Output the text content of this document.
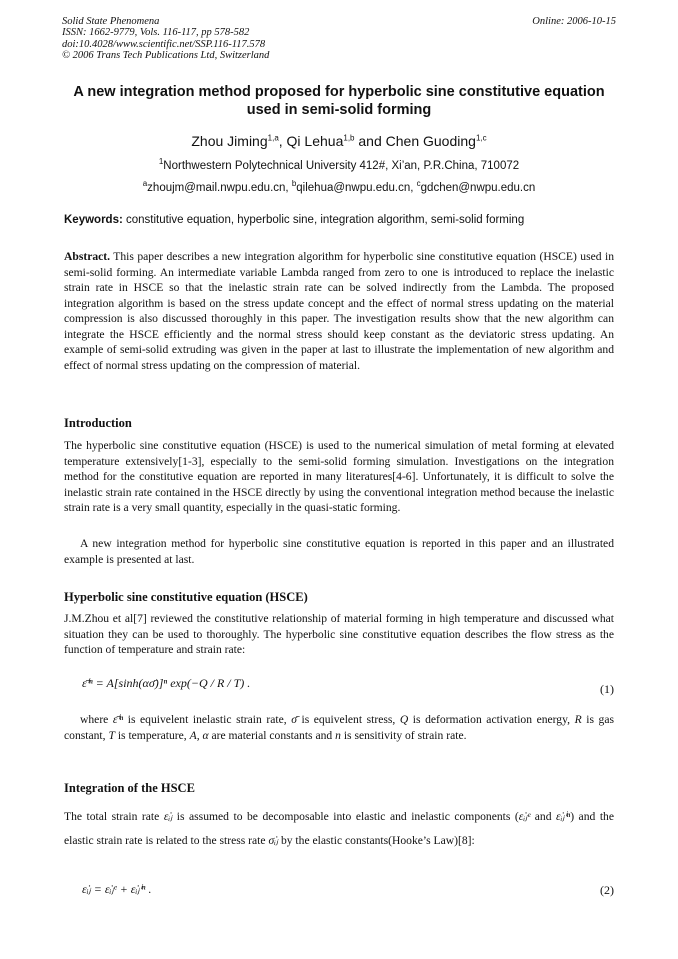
Solid State Phenomena
ISSN: 1662-9779, Vols. 116-117, pp 578-582
doi:10.4028/www.scientific.net/SSP.116-117.578
© 2006 Trans Tech Publications Ltd, Switzerland
Online: 2006-10-15
A new integration method proposed for hyperbolic sine constitutive equation used in semi-solid forming
Zhou Jiming$^{1,a}$, Qi Lehua$^{1,b}$ and Chen Guoding$^{1,c}$
$^1$Northwestern Polytechnical University 412#, Xi’an, P.R.China, 710072
$^a$zhoujm@mail.nwpu.edu.cn, $^b$qilehua@nwpu.edu.cn, $^c$gdchen@nwpu.edu.cn
Keywords: constitutive equation, hyperbolic sine, integration algorithm, semi-solid forming
Abstract. This paper describes a new integration algorithm for hyperbolic sine constitutive equation (HSCE) used in semi-solid forming. An intermediate variable Lambda ranged from zero to one is introduced to replace the inelastic strain rate in HSCE so that the inelastic strain rate can be solved indirectly from the Lambda. The proposed integration algorithm is based on the stress update concept and the effect of normal stress updating on the material compression is also discussed thoroughly in this paper. The investigation results show that the new algorithm can integrate the HSCE efficiently and the normal stress should keep constant as the deviatoric stress updating. An example of semi-solid extruding was given in the paper at last to illustrate the implementation of new algorithm and effect of normal stress updating on the compression of material.
Introduction
The hyperbolic sine constitutive equation (HSCE) is used to the numerical simulation of metal forming at elevated temperature extensively[1-3], especially to the semi-solid forming simulation. Investigations on the integration method for the constitutive equation are reported in many literatures[4-6]. Unfortunately, it is difficult to solve the inelastic strain rate contained in the HSCE directly by using the conventional integration method because the inelastic strain rate is a very small quantity, especially in the quasi-static forming.
A new integration method for hyperbolic sine constitutive equation is reported in this paper and an illustrated example is presented at last.
Hyperbolic sine constitutive equation (HSCE)
J.M.Zhou et al[7] reviewed the constitutive relationship of material forming in high temperature and discussed what situation they can be used to thoroughly. The hyperbolic sine constitutive equation describes the flow stress as the function of temperature and strain rate:
ε̄̇ⁱⁿ = A[sinh(ασ̄)]ⁿ exp(−Q / R / T) .	(1)
where ε̄̇ⁱⁿ is equivelent inelastic strain rate, σ̄ is equivelent stress, Q is deformation activation energy, R is gas constant, T is temperature, A, α are material constants and n is sensitivity of strain rate.
Integration of the HSCE
The total strain rate ε̇ᵢⱼ is assumed to be decomposable into elastic and inelastic components (ε̇ᵢⱼᵉ and ε̇ᵢⱼⁱⁿ) and the elastic strain rate is related to the stress rate σ̇ᵢⱼ by the elastic constants(Hooke’s Law)[8]:
ε̇ᵢⱼ = ε̇ᵢⱼᵉ + ε̇ᵢⱼⁱⁿ .	(2)
